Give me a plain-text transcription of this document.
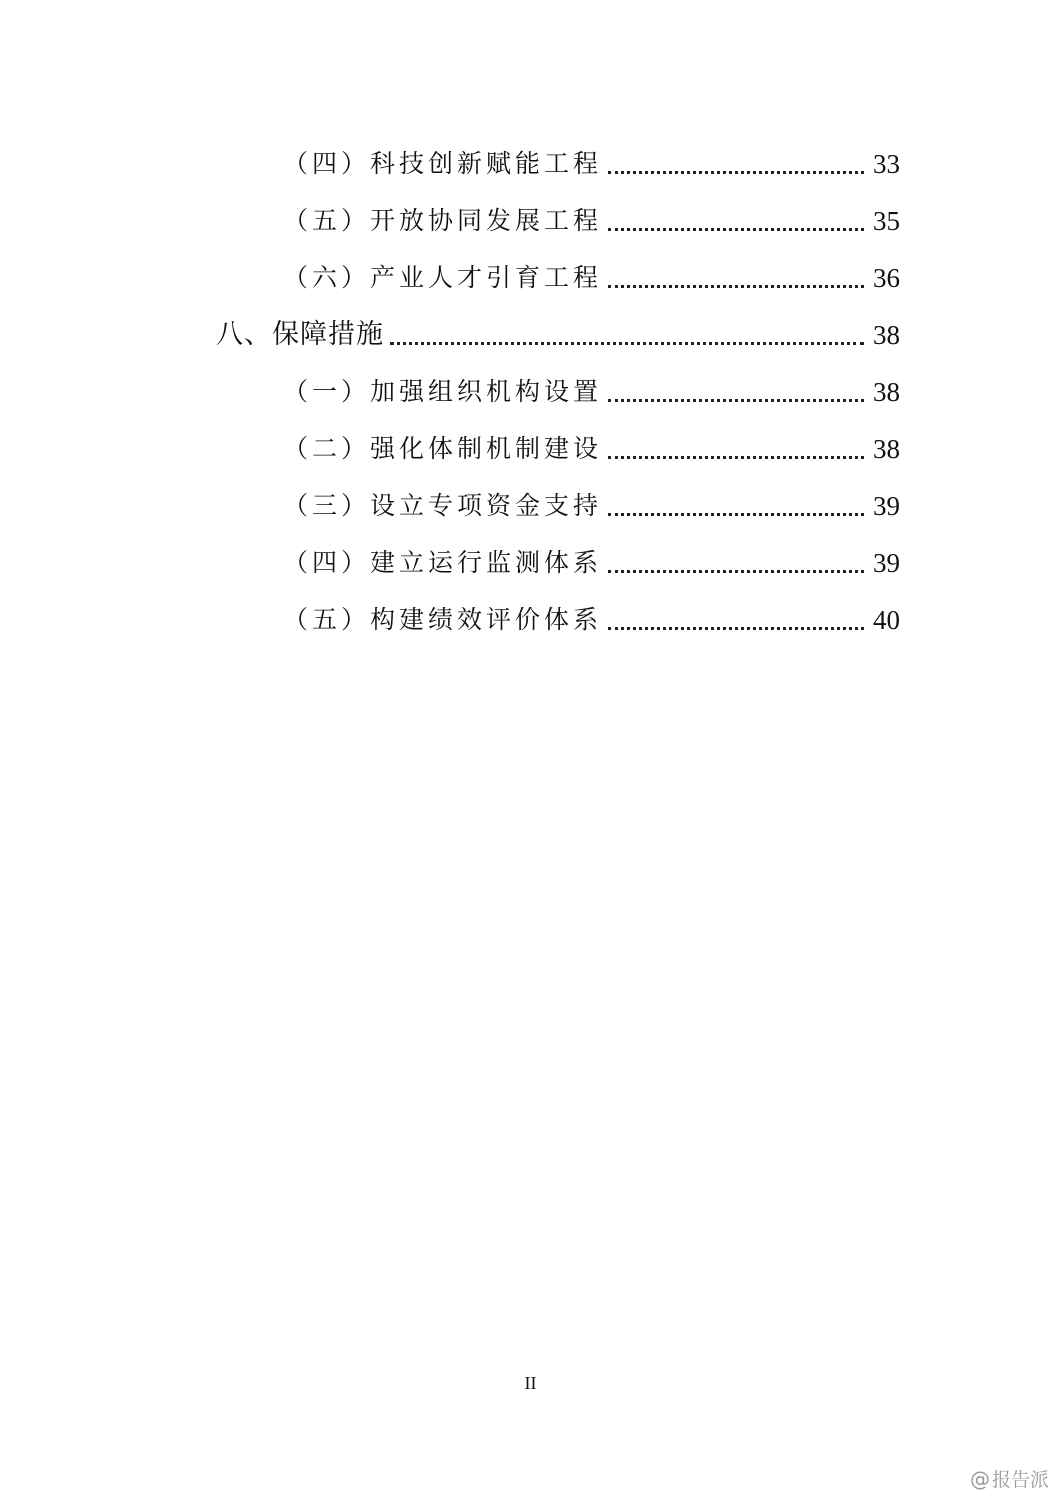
（四）科技创新赋能工程	33
（五）开放协同发展工程	35
（六）产业人才引育工程	36
八、保障措施	38
（一）加强组织机构设置	38
（二）强化体制机制建设	38
（三）设立专项资金支持	39
（四）建立运行监测体系	39
（五）构建绩效评价体系	40
II
@ 报告派
